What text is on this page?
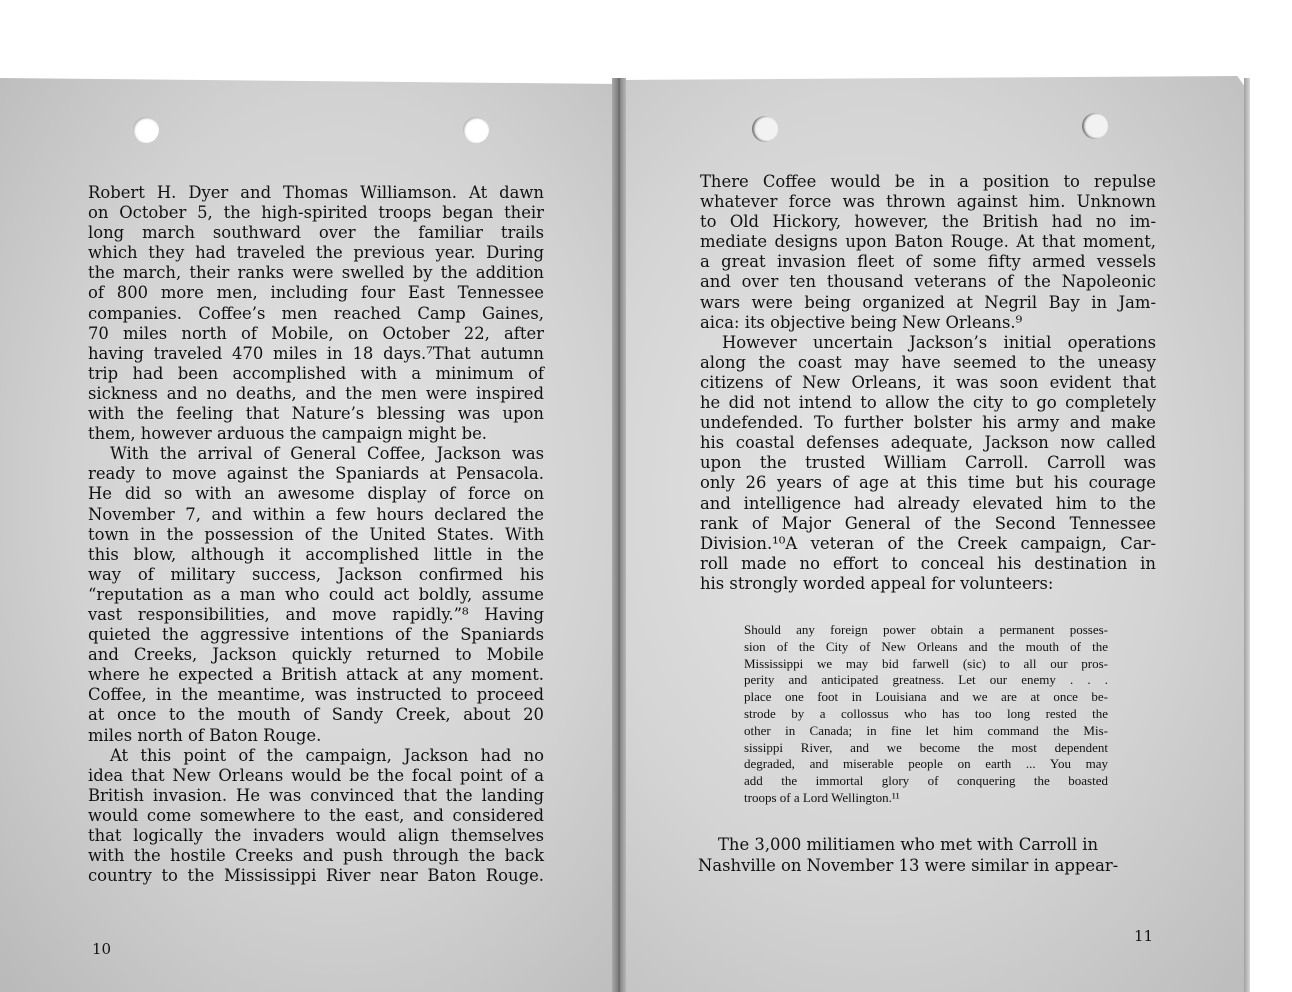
Robert H. Dyer and Thomas Williamson. At dawn

on October 5, the high-spirited troops began their

long march southward over the familiar trails

which they had traveled the previous year. During

the march, their ranks were swelled by the addition

of 800 more men, including four East Tennessee

companies. Coffee’s men reached Camp Gaines,

70 miles north of Mobile, on October 22, after

having traveled 470 miles in 18 days.⁷That autumn

trip had been accomplished with a minimum of

sickness and no deaths, and the men were inspired

with the feeling that Nature’s blessing was upon

them, however arduous the campaign might be.

With the arrival of General Coffee, Jackson was

ready to move against the Spaniards at Pensacola.

He did so with an awesome display of force on

November 7, and within a few hours declared the

town in the possession of the United States. With

this blow, although it accomplished little in the

way of military success, Jackson confirmed his

“reputation as a man who could act boldly, assume

vast responsibilities, and move rapidly.”⁸ Having

quieted the aggressive intentions of the Spaniards

and Creeks, Jackson quickly returned to Mobile

where he expected a British attack at any moment.

Coffee, in the meantime, was instructed to proceed

at once to the mouth of Sandy Creek, about 20

miles north of Baton Rouge.

At this point of the campaign, Jackson had no

idea that New Orleans would be the focal point of a

British invasion. He was convinced that the landing

would come somewhere to the east, and considered

that logically the invaders would align themselves

with the hostile Creeks and push through the back

country to the Mississippi River near Baton Rouge.

There Coffee would be in a position to repulse

whatever force was thrown against him. Unknown

to Old Hickory, however, the British had no im-

mediate designs upon Baton Rouge. At that moment,

a great invasion fleet of some fifty armed vessels

and over ten thousand veterans of the Napoleonic

wars were being organized at Negril Bay in Jam-

aica: its objective being New Orleans.⁹

However uncertain Jackson’s initial operations

along the coast may have seemed to the uneasy

citizens of New Orleans, it was soon evident that

he did not intend to allow the city to go completely

undefended. To further bolster his army and make

his coastal defenses adequate, Jackson now called

upon the trusted William Carroll. Carroll was

only 26 years of age at this time but his courage

and intelligence had already elevated him to the

rank of Major General of the Second Tennessee

Division.¹⁰A veteran of the Creek campaign, Car-

roll made no effort to conceal his destination in

his strongly worded appeal for volunteers:

Should any foreign power obtain a permanent posses-

sion of the City of New Orleans and the mouth of the

Mississippi we may bid farwell (sic) to all our pros-

perity and anticipated greatness. Let our enemy . . .

place one foot in Louisiana and we are at once be-

strode by a collossus who has too long rested the

other in Canada; in fine let him command the Mis-

sissippi River, and we become the most dependent

degraded, and miserable people on earth ... You may

add the immortal glory of conquering the boasted

troops of a Lord Wellington.¹¹

The 3,000 militiamen who met with Carroll in

Nashville on November 13 were similar in appear-

10
11
